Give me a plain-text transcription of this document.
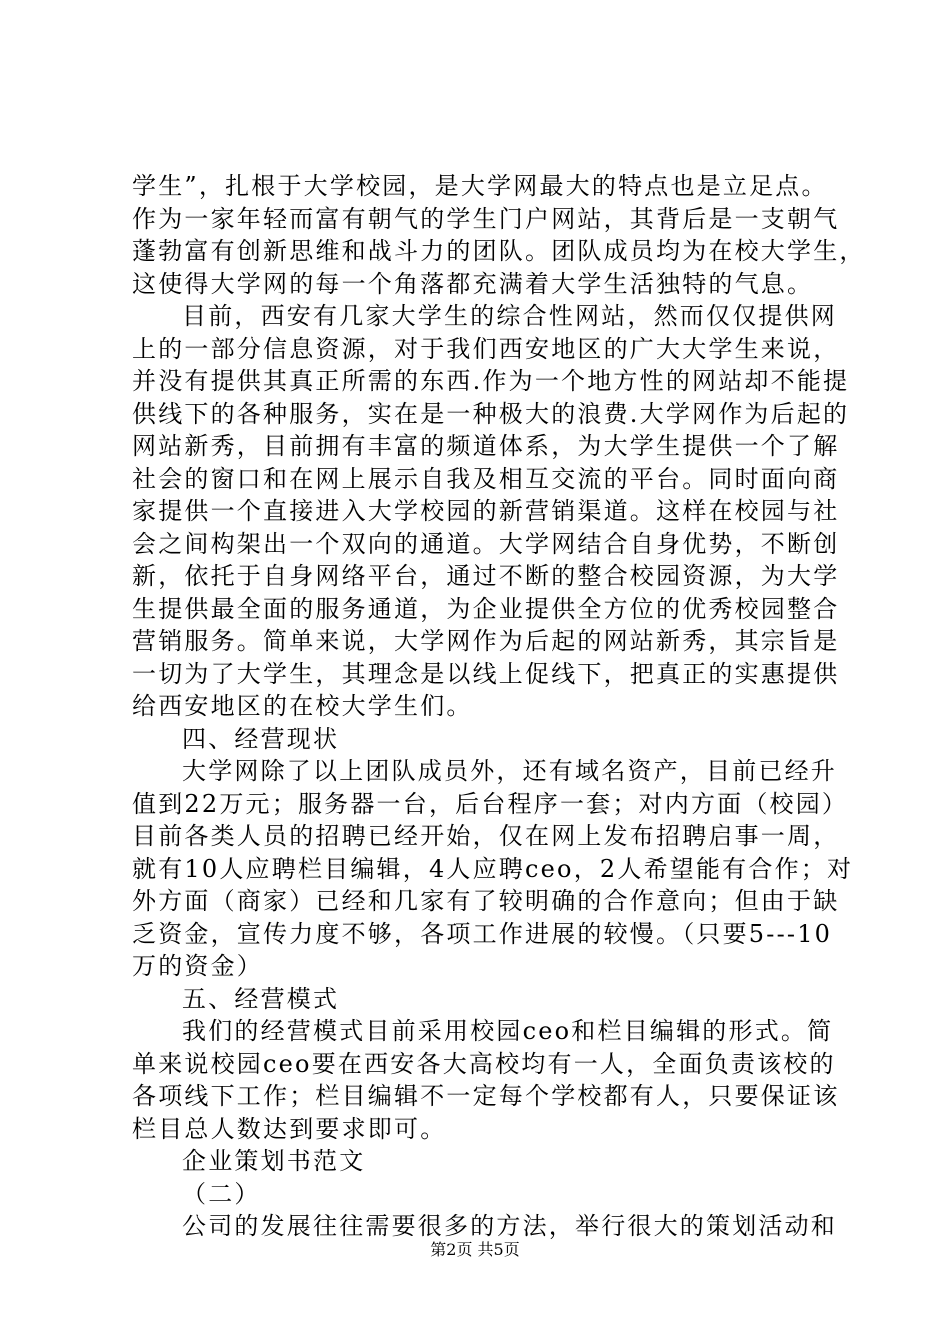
学生”，扎根于大学校园，是大学网最大的特点也是立足点。
作为一家年轻而富有朝气的学生门户网站，其背后是一支朝气
蓬勃富有创新思维和战斗力的团队。团队成员均为在校大学生，
这使得大学网的每一个角落都充满着大学生活独特的气息。
目前，西安有几家大学生的综合性网站，然而仅仅提供网
上的一部分信息资源，对于我们西安地区的广大大学生来说，
并没有提供其真正所需的东西.作为一个地方性的网站却不能提
供线下的各种服务，实在是一种极大的浪费.大学网作为后起的
网站新秀，目前拥有丰富的频道体系，为大学生提供一个了解
社会的窗口和在网上展示自我及相互交流的平台。同时面向商
家提供一个直接进入大学校园的新营销渠道。这样在校园与社
会之间构架出一个双向的通道。大学网结合自身优势，不断创
新，依托于自身网络平台，通过不断的整合校园资源，为大学
生提供最全面的服务通道，为企业提供全方位的优秀校园整合
营销服务。简单来说，大学网作为后起的网站新秀，其宗旨是
一切为了大学生，其理念是以线上促线下，把真正的实惠提供
给西安地区的在校大学生们。
四、经营现状
大学网除了以上团队成员外，还有域名资产，目前已经升
值到22万元；服务器一台，后台程序一套；对内方面（校园）
目前各类人员的招聘已经开始，仅在网上发布招聘启事一周，
就有10人应聘栏目编辑，4人应聘ceo，2人希望能有合作；对
外方面（商家）已经和几家有了较明确的合作意向；但由于缺
乏资金，宣传力度不够，各项工作进展的较慢。（只要5---10
万的资金）
五、经营模式
我们的经营模式目前采用校园ceo和栏目编辑的形式。简
单来说校园ceo要在西安各大高校均有一人，全面负责该校的
各项线下工作；栏目编辑不一定每个学校都有人，只要保证该
栏目总人数达到要求即可。
企业策划书范文
（二）
公司的发展往往需要很多的方法，举行很大的策划活动和
第2页 共5页
